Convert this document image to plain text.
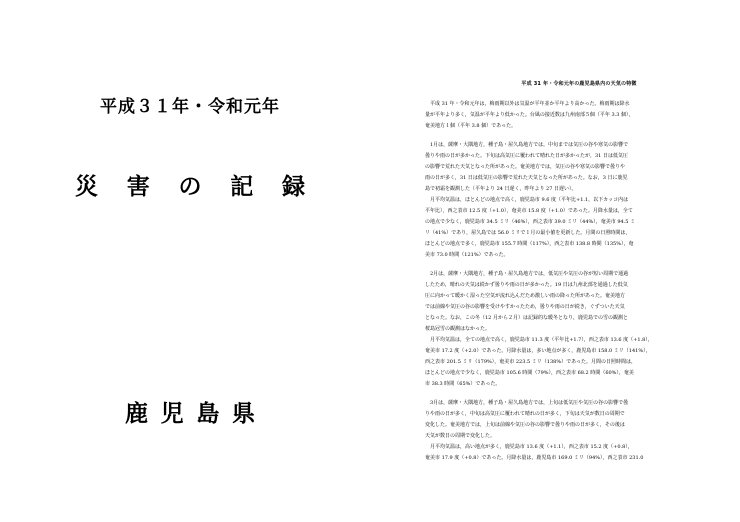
平成３１年・令和元年
災 害 の 記 録
鹿 児 島 県
平成 31 年・令和元年の鹿児島県内の天気の特徴
　平成 31 年・令和元年は，梅雨期以外は気温が平年並か平年より高かった。梅雨期は降水
量が平年より多く，気温が平年より低かった。台風の接近数は九州南部５個（平年 3.3 個），
奄美地方１個（平年 3.8 個）であった。
　1月は，薩摩・大隅地方，種子島・屋久島地方では，中旬までは気圧の谷や寒気の影響で
曇りや雨の日が多かった。下旬は高気圧に覆われて晴れた日が多かったが，31 日は低気圧
の影響で荒れた天気となった所があった。奄美地方では，気圧の谷や寒気の影響で曇りや
雨の日が多く，31 日は低気圧の影響で荒れた天気となった所があった。なお，3 日に鹿児
島で初霜を観測した（平年より 24 日遅く，昨年より 27 日遅い）。
　月平均気温は，ほとんどの地点で高く，鹿児島市 9.6 度（平年比+1.1，以下カッコ内は
平年比），西之表市 12.5 度（+1.0），奄美市 15.8 度（+1.0）であった。月降水量は，全て
の地点で少なく，鹿児島市 34.5 ミリ（46%），西之表市 39.0 ミリ（44%），奄美市 94.5 ミ
リ（41%）であり，屋久島では 56.0 ミリで１月の最小値を更新した。月間の日照時間は，
ほとんどの地点で多く，鹿児島市 155.7 時間（117%），西之表市 138.8 時間（135%），奄
美市 73.0 時間（121%）であった。
　2月は，薩摩・大隅地方，種子島・屋久島地方では，低気圧や気圧の谷が短い周期で通過
したため，晴れの天気は続かず曇りや雨の日が多かった。19 日は九州北部を通過した低気
圧に向かって暖かく湿った空気が流れ込んだため激しい雨の降った所があった。奄美地方
では前線や気圧の谷の影響を受けやすかったため，曇りや雨の日が続き，ぐずついた天気
となった。なお，この冬（12 月から２月）は記録的な暖冬となり，鹿児島での雪の観測と
桜島冠雪の観測はなかった。
　月平均気温は，全ての地点で高く，鹿児島市 11.3 度（平年比+1.7），西之表市 13.6 度（+1.8），
奄美市 17.2 度（+2.0）であった。月降水量は，多い地点が多く，鹿児島市 158.0 ミリ（141%），
西之表市 201.5 ミリ（179%），奄美市 223.5 ミリ（138%）であった。月間の日照時間は，
ほとんどの地点で少なく，鹿児島市 105.6 時間（79%），西之表市 68.2 時間（60%），奄美
市 38.3 時間（65%）であった。
　3月は，薩摩・大隅地方，種子島・屋久島地方では，上旬は低気圧や気圧の谷の影響で曇
りや雨の日が多く，中旬は高気圧に覆われて晴れの日が多く，下旬は天気が数日の周期で
変化した。奄美地方では，上旬は前線や気圧の谷の影響で曇りや雨の日が多く，その後は
天気が数日の周期で変化した。
　月平均気温は，高い地点が多く，鹿児島市 13.6 度（+1.1），西之表市 15.2 度（+0.8），
奄美市 17.9 度（+0.8）であった。月降水量は，鹿児島市 169.0 ミリ（94%），西之表市 231.0
